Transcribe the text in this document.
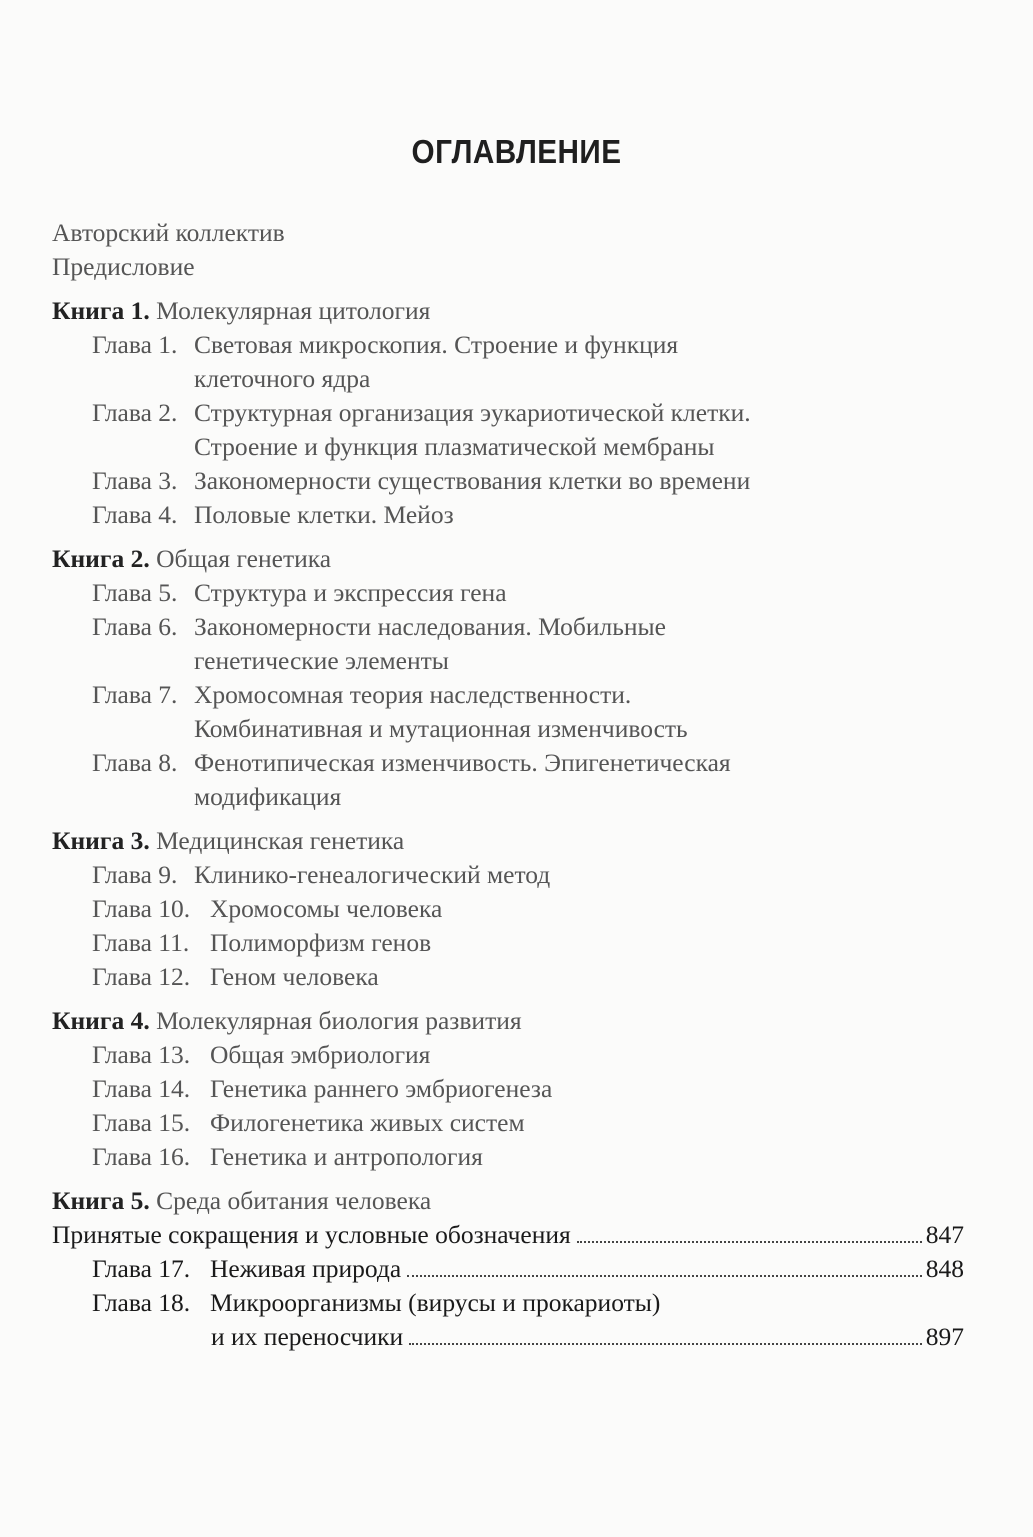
ОГЛАВЛЕНИЕ
Авторский коллектив
Предисловие
Книга 1. Молекулярная цитология
Глава 1. Световая микроскопия. Строение и функция
клеточного ядра
Глава 2. Структурная организация эукариотической клетки.
Строение и функция плазматической мембраны
Глава 3. Закономерности существования клетки во времени
Глава 4. Половые клетки. Мейоз
Книга 2. Общая генетика
Глава 5. Структура и экспрессия гена
Глава 6. Закономерности наследования. Мобильные
генетические элементы
Глава 7. Хромосомная теория наследственности.
Комбинативная и мутационная изменчивость
Глава 8. Фенотипическая изменчивость. Эпигенетическая
модификация
Книга 3. Медицинская генетика
Глава 9. Клинико-генеалогический метод
Глава 10. Хромосомы человека
Глава 11. Полиморфизм генов
Глава 12. Геном человека
Книга 4. Молекулярная биология развития
Глава 13. Общая эмбриология
Глава 14. Генетика раннего эмбриогенеза
Глава 15. Филогенетика живых систем
Глава 16. Генетика и антропология
Книга 5. Среда обитания человека
Принятые сокращения и условные обозначения	847
Глава 17. Неживая природа	848
Глава 18. Микроорганизмы (вирусы и прокариоты)
и их переносчики	897
